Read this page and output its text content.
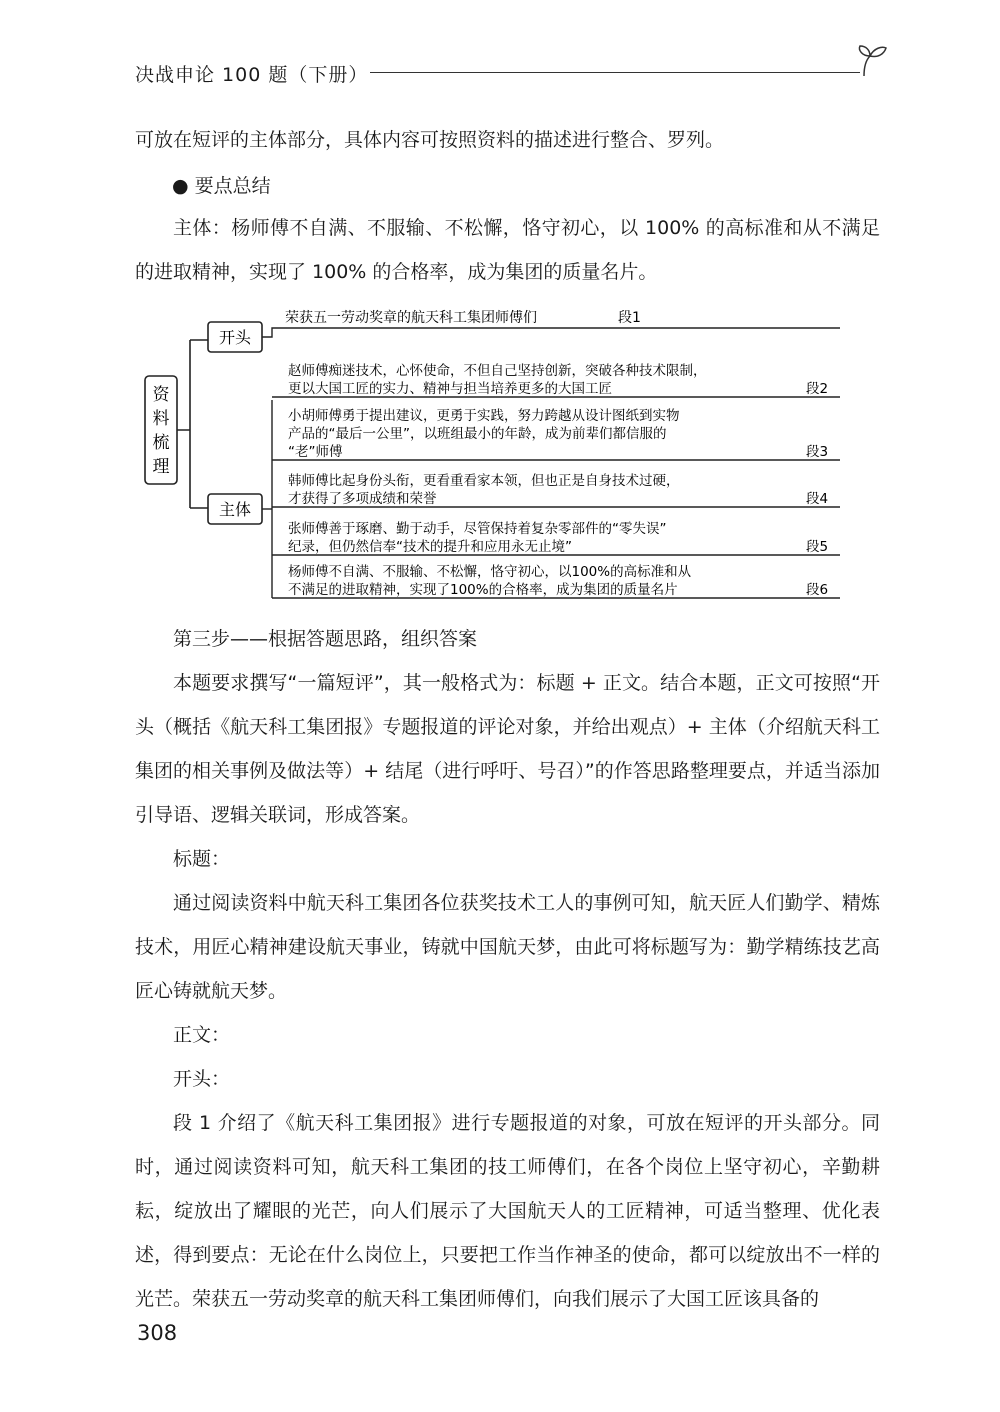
决战申论 100 题（下册）

可放在短评的主体部分，具体内容可按照资料的描述进行整合、罗列。

● 要点总结

主体：杨师傅不自满、不服输、不松懈，恪守初心，以 100% 的高标准和从不满足的进取精神，实现了 100% 的合格率，成为集团的质量名片。

资
料
梳
理
开头
荣获五一劳动奖章的航天科工集团师傅们	段1
主体
赵师傅痴迷技术，心怀使命，不但自己坚持创新，突破各种技术限制，
更以大国工匠的实力、精神与担当培养更多的大国工匠	段2
小胡师傅勇于提出建议，更勇于实践，努力跨越从设计图纸到实物
产品的“最后一公里”，以班组最小的年龄，成为前辈们都信服的
“老”师傅	段3
韩师傅比起身份头衔，更看重看家本领，但也正是自身技术过硬，
才获得了多项成绩和荣誉	段4
张师傅善于琢磨、勤于动手，尽管保持着复杂零部件的“零失误”
纪录，但仍然信奉“技术的提升和应用永无止境”	段5
杨师傅不自满、不服输、不松懈，恪守初心，以100%的高标准和从
不满足的进取精神，实现了100%的合格率，成为集团的质量名片	段6

第三步——根据答题思路，组织答案

本题要求撰写“一篇短评”，其一般格式为：标题 + 正文。结合本题，正文可按照“开头（概括《航天科工集团报》专题报道的评论对象，并给出观点）+ 主体（介绍航天科工集团的相关事例及做法等）+ 结尾（进行呼吁、号召）”的作答思路整理要点，并适当添加引导语、逻辑关联词，形成答案。

标题：

通过阅读资料中航天科工集团各位获奖技术工人的事例可知，航天匠人们勤学、精炼技术，用匠心精神建设航天事业，铸就中国航天梦，由此可将标题写为：勤学精练技艺高　匠心铸就航天梦。

正文：

开头：

段 1 介绍了《航天科工集团报》进行专题报道的对象，可放在短评的开头部分。同时，通过阅读资料可知，航天科工集团的技工师傅们，在各个岗位上坚守初心，辛勤耕耘，绽放出了耀眼的光芒，向人们展示了大国航天人的工匠精神，可适当整理、优化表述，得到要点：无论在什么岗位上，只要把工作当作神圣的使命，都可以绽放出不一样的光芒。荣获五一劳动奖章的航天科工集团师傅们，向我们展示了大国工匠该具备的

308
